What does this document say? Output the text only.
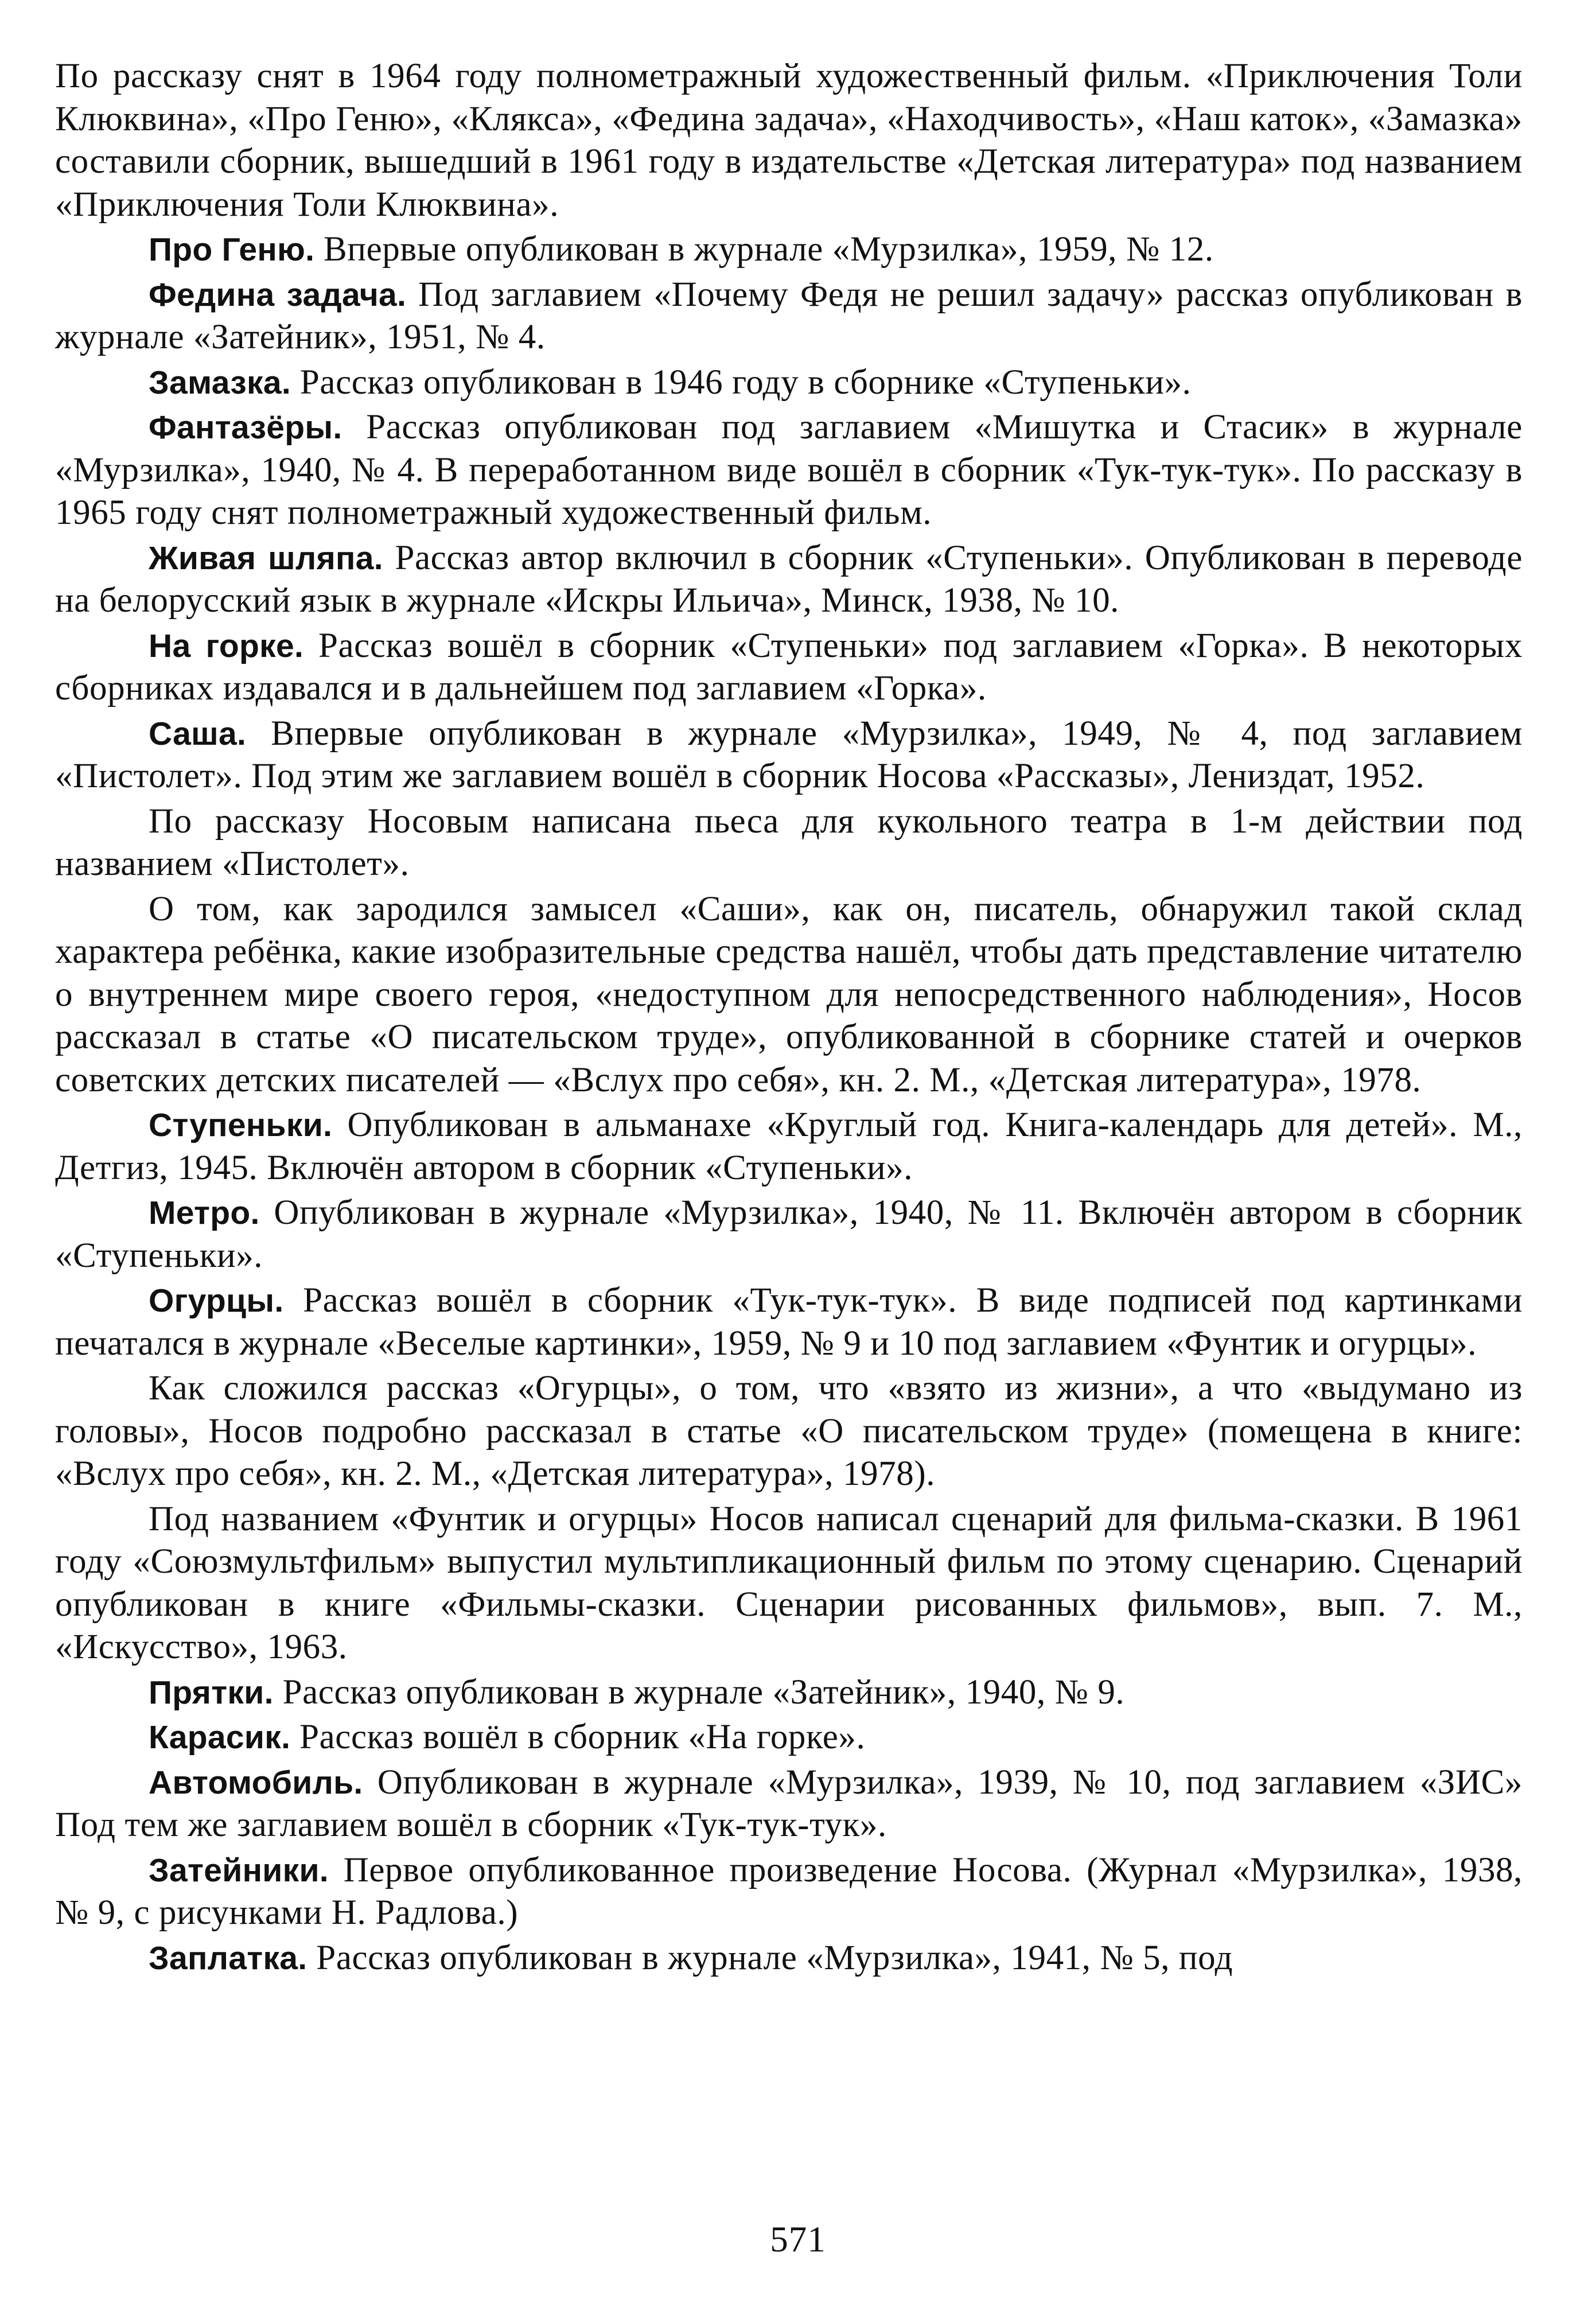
По рассказу снят в 1964 году полнометражный художественный фильм. «Приключения Толи Клюквина», «Про Геню», «Клякса», «Федина задача», «Находчивость», «Наш каток», «Замазка» составили сборник, вышедший в 1961 году в издательстве «Детская литература» под названием «Приключения Толи Клюквина».

Про Геню. Впервые опубликован в журнале «Мурзилка», 1959, № 12.

Федина задача. Под заглавием «Почему Федя не решил задачу» рассказ опубликован в журнале «Затейник», 1951, № 4.

Замазка. Рассказ опубликован в 1946 году в сборнике «Ступеньки».

Фантазёры. Рассказ опубликован под заглавием «Мишутка и Стасик» в журнале «Мурзилка», 1940, № 4. В переработанном виде вошёл в сборник «Тук-тук-тук». По рассказу в 1965 году снят полнометражный художественный фильм.

Живая шляпа. Рассказ автор включил в сборник «Ступеньки». Опубликован в переводе на белорусский язык в журнале «Искры Ильича», Минск, 1938, № 10.

На горке. Рассказ вошёл в сборник «Ступеньки» под заглавием «Горка». В некоторых сборниках издавался и в дальнейшем под заглавием «Горка».

Саша. Впервые опубликован в журнале «Мурзилка», 1949, № 4, под заглавием «Пистолет». Под этим же заглавием вошёл в сборник Носова «Рассказы», Лениздат, 1952.

По рассказу Носовым написана пьеса для кукольного театра в 1-м действии под названием «Пистолет».

О том, как зародился замысел «Саши», как он, писатель, обнаружил такой склад характера ребёнка, какие изобразительные средства нашёл, чтобы дать представление читателю о внутреннем мире своего героя, «недоступном для непосредственного наблюдения», Носов рассказал в статье «О писательском труде», опубликованной в сборнике статей и очерков советских детских писателей — «Вслух про себя», кн. 2. М., «Детская литература», 1978.

Ступеньки. Опубликован в альманахе «Круглый год. Книга-календарь для детей». М., Детгиз, 1945. Включён автором в сборник «Ступеньки».

Метро. Опубликован в журнале «Мурзилка», 1940, № 11. Включён автором в сборник «Ступеньки».

Огурцы. Рассказ вошёл в сборник «Тук-тук-тук». В виде подписей под картинками печатался в журнале «Веселые картинки», 1959, № 9 и 10 под заглавием «Фунтик и огурцы».

Как сложился рассказ «Огурцы», о том, что «взято из жизни», а что «выдумано из головы», Носов подробно рассказал в статье «О писательском труде» (помещена в книге: «Вслух про себя», кн. 2. М., «Детская литература», 1978).

Под названием «Фунтик и огурцы» Носов написал сценарий для фильма-сказки. В 1961 году «Союзмультфильм» выпустил мультипликационный фильм по этому сценарию. Сценарий опубликован в книге «Фильмы-сказки. Сценарии рисованных фильмов», вып. 7. М., «Искусство», 1963.

Прятки. Рассказ опубликован в журнале «Затейник», 1940, № 9.

Карасик. Рассказ вошёл в сборник «На горке».

Автомобиль. Опубликован в журнале «Мурзилка», 1939, № 10, под заглавием «ЗИС» Под тем же заглавием вошёл в сборник «Тук-тук-тук».

Затейники. Первое опубликованное произведение Носова. (Журнал «Мурзилка», 1938, № 9, с рисунками Н. Радлова.)

Заплатка. Рассказ опубликован в журнале «Мурзилка», 1941, № 5, под

571
